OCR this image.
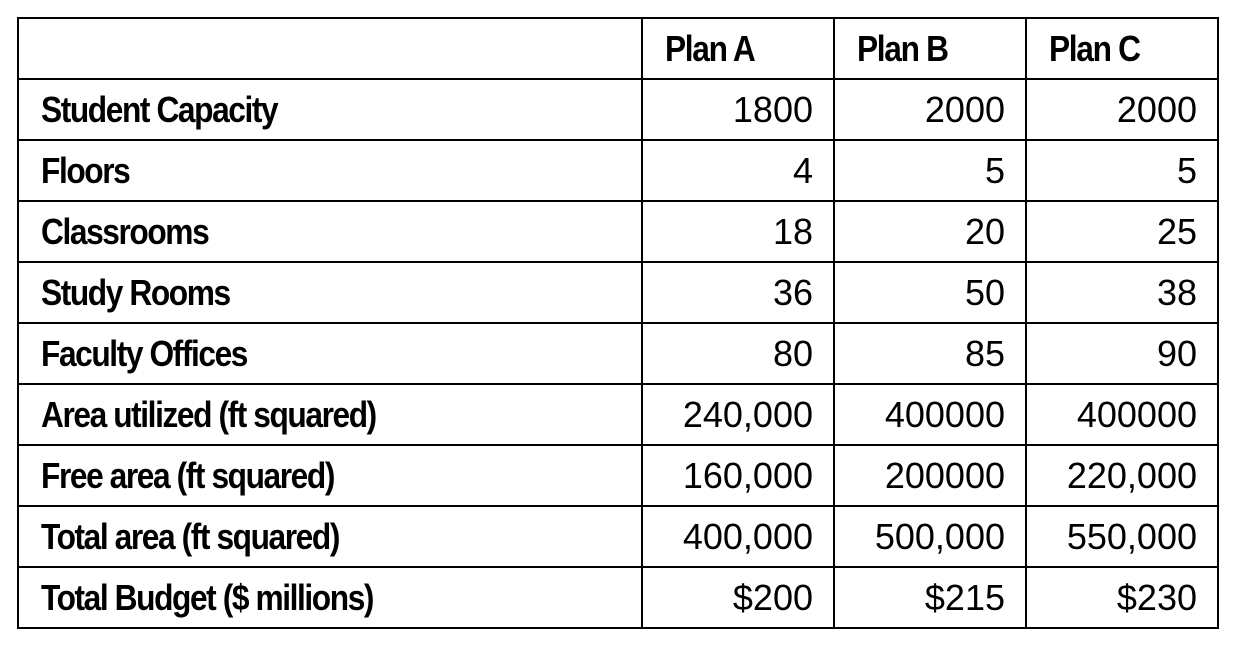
	Plan A	Plan B	Plan C
Student Capacity	1800	2000	2000
Floors	4	5	5
Classrooms	18	20	25
Study Rooms	36	50	38
Faculty Offices	80	85	90
Area utilized (ft squared)	240,000	400000	400000
Free area (ft squared)	160,000	200000	220,000
Total area (ft squared)	400,000	500,000	550,000
Total Budget ($ millions)	$200	$215	$230
